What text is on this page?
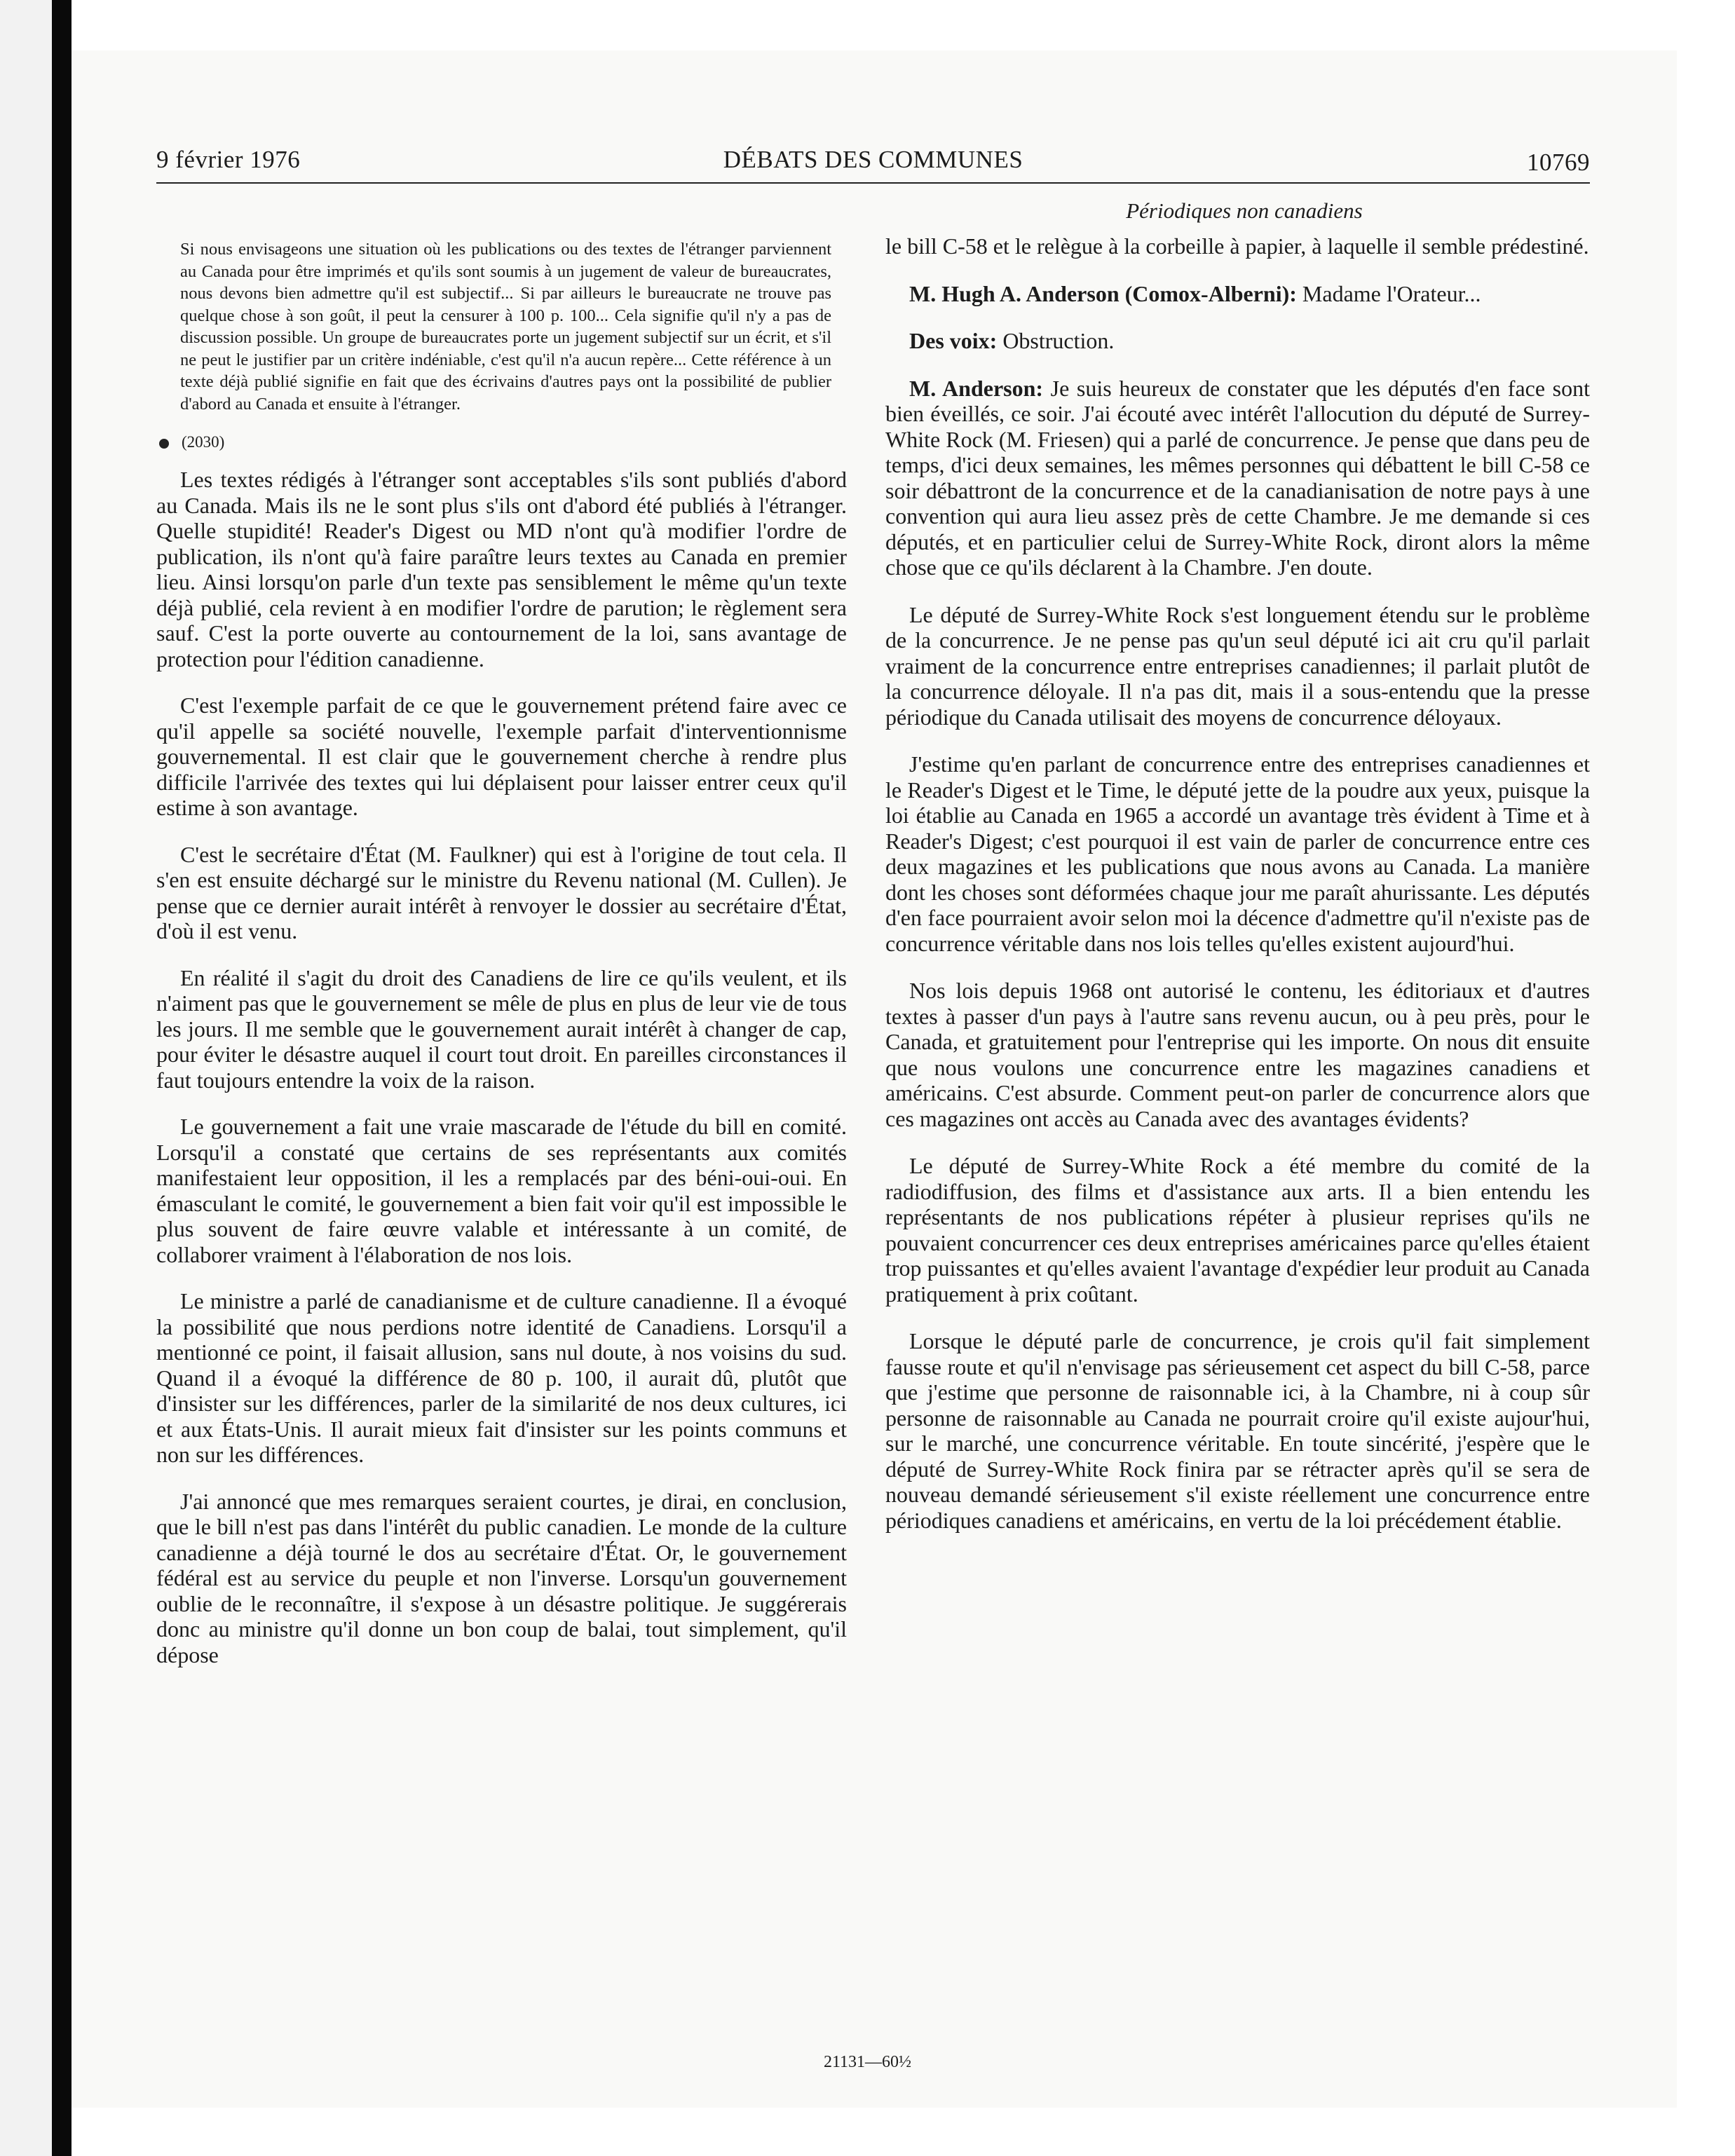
9 février 1976	DÉBATS DES COMMUNES	10769
Périodiques non canadiens

Si nous envisageons une situation où les publications ou des textes de l'étranger parviennent au Canada pour être imprimés et qu'ils sont soumis à un jugement de valeur de bureaucrates, nous devons bien admettre qu'il est subjectif... Si par ailleurs le bureaucrate ne trouve pas quelque chose à son goût, il peut la censurer à 100 p. 100... Cela signifie qu'il n'y a pas de discussion possible. Un groupe de bureaucrates porte un jugement subjectif sur un écrit, et s'il ne peut le justifier par un critère indéniable, c'est qu'il n'a aucun repère... Cette référence à un texte déjà publié signifie en fait que des écrivains d'autres pays ont la possibilité de publier d'abord au Canada et ensuite à l'étranger.

(2030)

Les textes rédigés à l'étranger sont acceptables s'ils sont publiés d'abord au Canada. Mais ils ne le sont plus s'ils ont d'abord été publiés à l'étranger. Quelle stupidité! Reader's Digest ou MD n'ont qu'à modifier l'ordre de publication, ils n'ont qu'à faire paraître leurs textes au Canada en premier lieu. Ainsi lorsqu'on parle d'un texte pas sensiblement le même qu'un texte déjà publié, cela revient à en modifier l'ordre de parution; le règlement sera sauf. C'est la porte ouverte au contournement de la loi, sans avantage de protection pour l'édition canadienne.

C'est l'exemple parfait de ce que le gouvernement prétend faire avec ce qu'il appelle sa société nouvelle, l'exemple parfait d'interventionnisme gouvernemental. Il est clair que le gouvernement cherche à rendre plus difficile l'arrivée des textes qui lui déplaisent pour laisser entrer ceux qu'il estime à son avantage.

C'est le secrétaire d'État (M. Faulkner) qui est à l'origine de tout cela. Il s'en est ensuite déchargé sur le ministre du Revenu national (M. Cullen). Je pense que ce dernier aurait intérêt à renvoyer le dossier au secrétaire d'État, d'où il est venu.

En réalité il s'agit du droit des Canadiens de lire ce qu'ils veulent, et ils n'aiment pas que le gouvernement se mêle de plus en plus de leur vie de tous les jours. Il me semble que le gouvernement aurait intérêt à changer de cap, pour éviter le désastre auquel il court tout droit. En pareilles circonstances il faut toujours entendre la voix de la raison.

Le gouvernement a fait une vraie mascarade de l'étude du bill en comité. Lorsqu'il a constaté que certains de ses représentants aux comités manifestaient leur opposition, il les a remplacés par des béni-oui-oui. En émasculant le comité, le gouvernement a bien fait voir qu'il est impossible le plus souvent de faire œuvre valable et intéressante à un comité, de collaborer vraiment à l'élaboration de nos lois.

Le ministre a parlé de canadianisme et de culture canadienne. Il a évoqué la possibilité que nous perdions notre identité de Canadiens. Lorsqu'il a mentionné ce point, il faisait allusion, sans nul doute, à nos voisins du sud. Quand il a évoqué la différence de 80 p. 100, il aurait dû, plutôt que d'insister sur les différences, parler de la similarité de nos deux cultures, ici et aux États-Unis. Il aurait mieux fait d'insister sur les points communs et non sur les différences.

J'ai annoncé que mes remarques seraient courtes, je dirai, en conclusion, que le bill n'est pas dans l'intérêt du public canadien. Le monde de la culture canadienne a déjà tourné le dos au secrétaire d'État. Or, le gouvernement fédéral est au service du peuple et non l'inverse. Lorsqu'un gouvernement oublie de le reconnaître, il s'expose à un désastre politique. Je suggérerais donc au ministre qu'il donne un bon coup de balai, tout simplement, qu'il dépose

le bill C-58 et le relègue à la corbeille à papier, à laquelle il semble prédestiné.

M. Hugh A. Anderson (Comox-Alberni): Madame l'Orateur...

Des voix: Obstruction.

M. Anderson: Je suis heureux de constater que les députés d'en face sont bien éveillés, ce soir. J'ai écouté avec intérêt l'allocution du député de Surrey-White Rock (M. Friesen) qui a parlé de concurrence. Je pense que dans peu de temps, d'ici deux semaines, les mêmes personnes qui débattent le bill C-58 ce soir débattront de la concurrence et de la canadianisation de notre pays à une convention qui aura lieu assez près de cette Chambre. Je me demande si ces députés, et en particulier celui de Surrey-White Rock, diront alors la même chose que ce qu'ils déclarent à la Chambre. J'en doute.

Le député de Surrey-White Rock s'est longuement étendu sur le problème de la concurrence. Je ne pense pas qu'un seul député ici ait cru qu'il parlait vraiment de la concurrence entre entreprises canadiennes; il parlait plutôt de la concurrence déloyale. Il n'a pas dit, mais il a sous-entendu que la presse périodique du Canada utilisait des moyens de concurrence déloyaux.

J'estime qu'en parlant de concurrence entre des entreprises canadiennes et le Reader's Digest et le Time, le député jette de la poudre aux yeux, puisque la loi établie au Canada en 1965 a accordé un avantage très évident à Time et à Reader's Digest; c'est pourquoi il est vain de parler de concurrence entre ces deux magazines et les publications que nous avons au Canada. La manière dont les choses sont déformées chaque jour me paraît ahurissante. Les députés d'en face pourraient avoir selon moi la décence d'admettre qu'il n'existe pas de concurrence véritable dans nos lois telles qu'elles existent aujourd'hui.

Nos lois depuis 1968 ont autorisé le contenu, les éditoriaux et d'autres textes à passer d'un pays à l'autre sans revenu aucun, ou à peu près, pour le Canada, et gratuitement pour l'entreprise qui les importe. On nous dit ensuite que nous voulons une concurrence entre les magazines canadiens et américains. C'est absurde. Comment peut-on parler de concurrence alors que ces magazines ont accès au Canada avec des avantages évidents?

Le député de Surrey-White Rock a été membre du comité de la radiodiffusion, des films et d'assistance aux arts. Il a bien entendu les représentants de nos publications répéter à plusieur reprises qu'ils ne pouvaient concurrencer ces deux entreprises américaines parce qu'elles étaient trop puissantes et qu'elles avaient l'avantage d'expédier leur produit au Canada pratiquement à prix coûtant.

Lorsque le député parle de concurrence, je crois qu'il fait simplement fausse route et qu'il n'envisage pas sérieusement cet aspect du bill C-58, parce que j'estime que personne de raisonnable ici, à la Chambre, ni à coup sûr personne de raisonnable au Canada ne pourrait croire qu'il existe aujour'hui, sur le marché, une concurrence véritable. En toute sincérité, j'espère que le député de Surrey-White Rock finira par se rétracter après qu'il se sera de nouveau demandé sérieusement s'il existe réellement une concurrence entre périodiques canadiens et américains, en vertu de la loi précédement établie.

21131—60½
